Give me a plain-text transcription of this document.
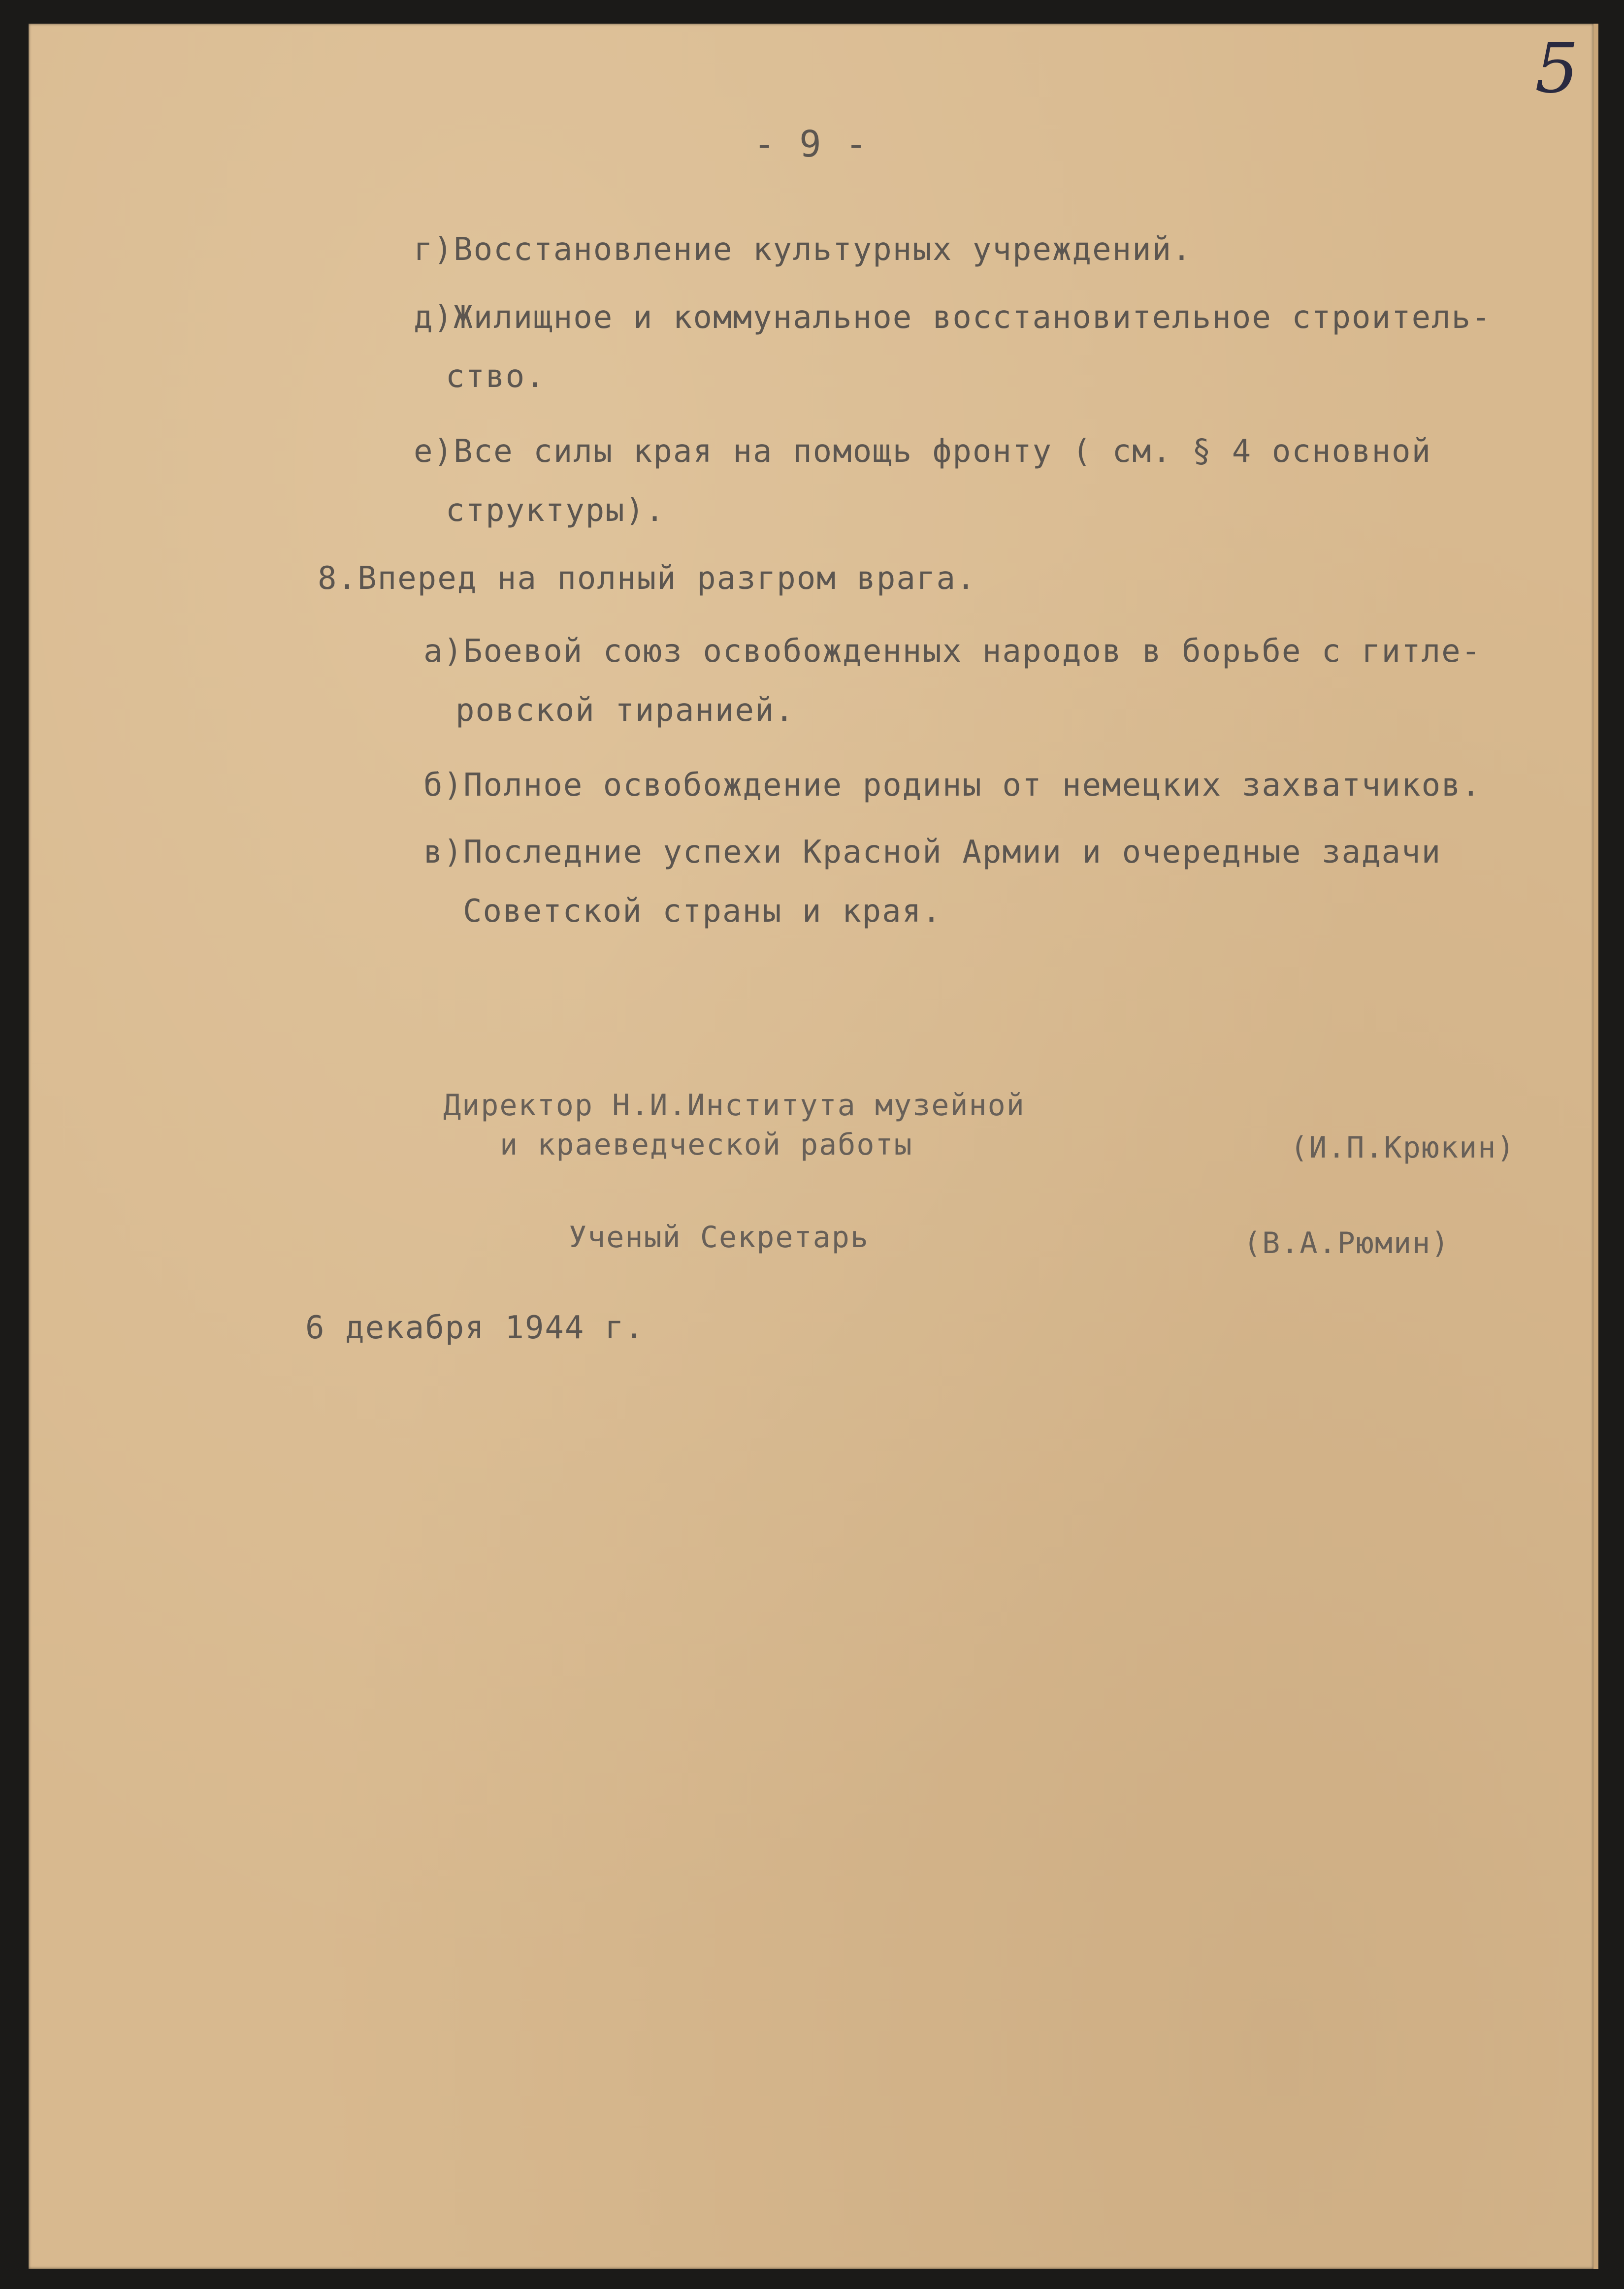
5
- 9 -
г)Восстановление культурных учреждений.
д)Жилищное и коммунальное восстановительное строитель-
ство.
е)Все силы края на помощь фронту ( см. § 4 основной
структуры).
8.Вперед на полный разгром врага.
а)Боевой союз освобожденных народов в борьбе с гитле-
ровской тиранией.
б)Полное освобождение родины от немецких захватчиков.
в)Последние успехи Красной Армии и очередные задачи
Советской страны и края.
Директор Н.И.Института музейной
и краеведческой работы	(И.П.Крюкин)
Ученый Секретарь	(В.А.Рюмин)
6 декабря 1944 г.
